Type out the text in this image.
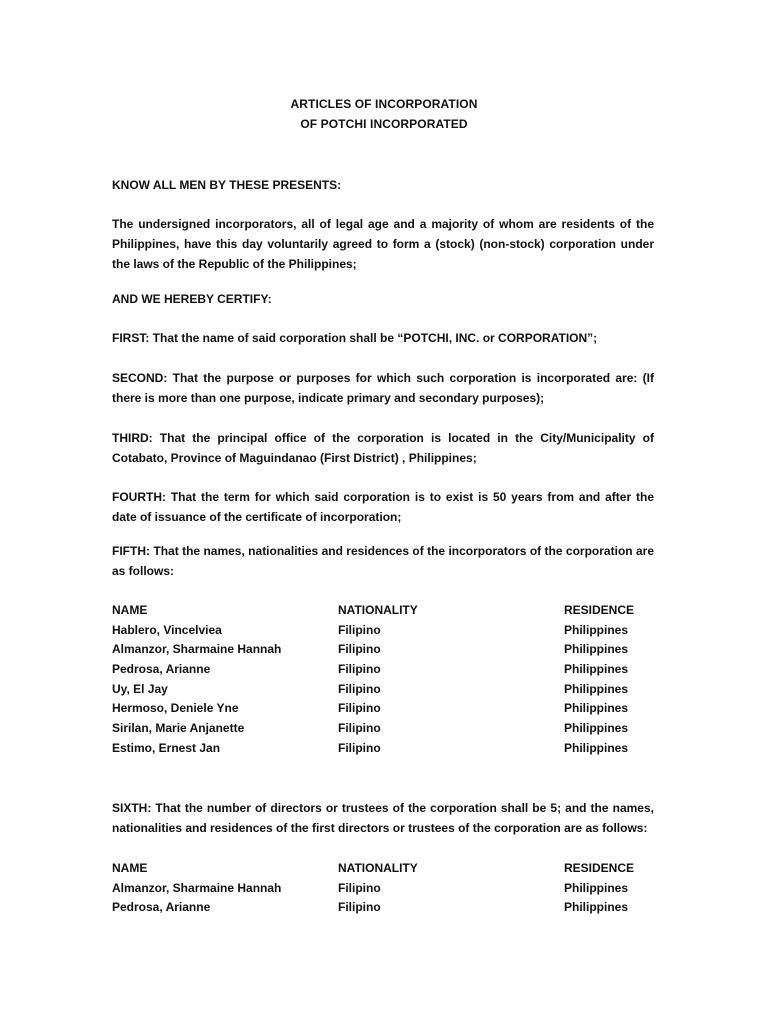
ARTICLES OF INCORPORATION
OF POTCHI INCORPORATED

KNOW ALL MEN BY THESE PRESENTS:

The undersigned incorporators, all of legal age and a majority of whom are residents of the Philippines, have this day voluntarily agreed to form a (stock) (non-stock) corporation under the laws of the Republic of the Philippines;

AND WE HEREBY CERTIFY:

FIRST: That the name of said corporation shall be “POTCHI, INC. or CORPORATION”;

SECOND: That the purpose or purposes for which such corporation is incorporated are: (If there is more than one purpose, indicate primary and secondary purposes);

THIRD: That the principal office of the corporation is located in the City/Municipality of Cotabato, Province of Maguindanao (First District) , Philippines;

FOURTH: That the term for which said corporation is to exist is 50 years from and after the date of issuance of the certificate of incorporation;

FIFTH: That the names, nationalities and residences of the incorporators of the corporation are as follows:

NAME	NATIONALITY	RESIDENCE
Hablero, Vincelviea	Filipino	Philippines
Almanzor, Sharmaine Hannah	Filipino	Philippines
Pedrosa, Arianne	Filipino	Philippines
Uy, El Jay	Filipino	Philippines
Hermoso, Deniele Yne	Filipino	Philippines
Sirilan, Marie Anjanette	Filipino	Philippines
Estimo, Ernest Jan	Filipino	Philippines

SIXTH: That the number of directors or trustees of the corporation shall be 5; and the names, nationalities and residences of the first directors or trustees of the corporation are as follows:

NAME	NATIONALITY	RESIDENCE
Almanzor, Sharmaine Hannah	Filipino	Philippines
Pedrosa, Arianne	Filipino	Philippines
